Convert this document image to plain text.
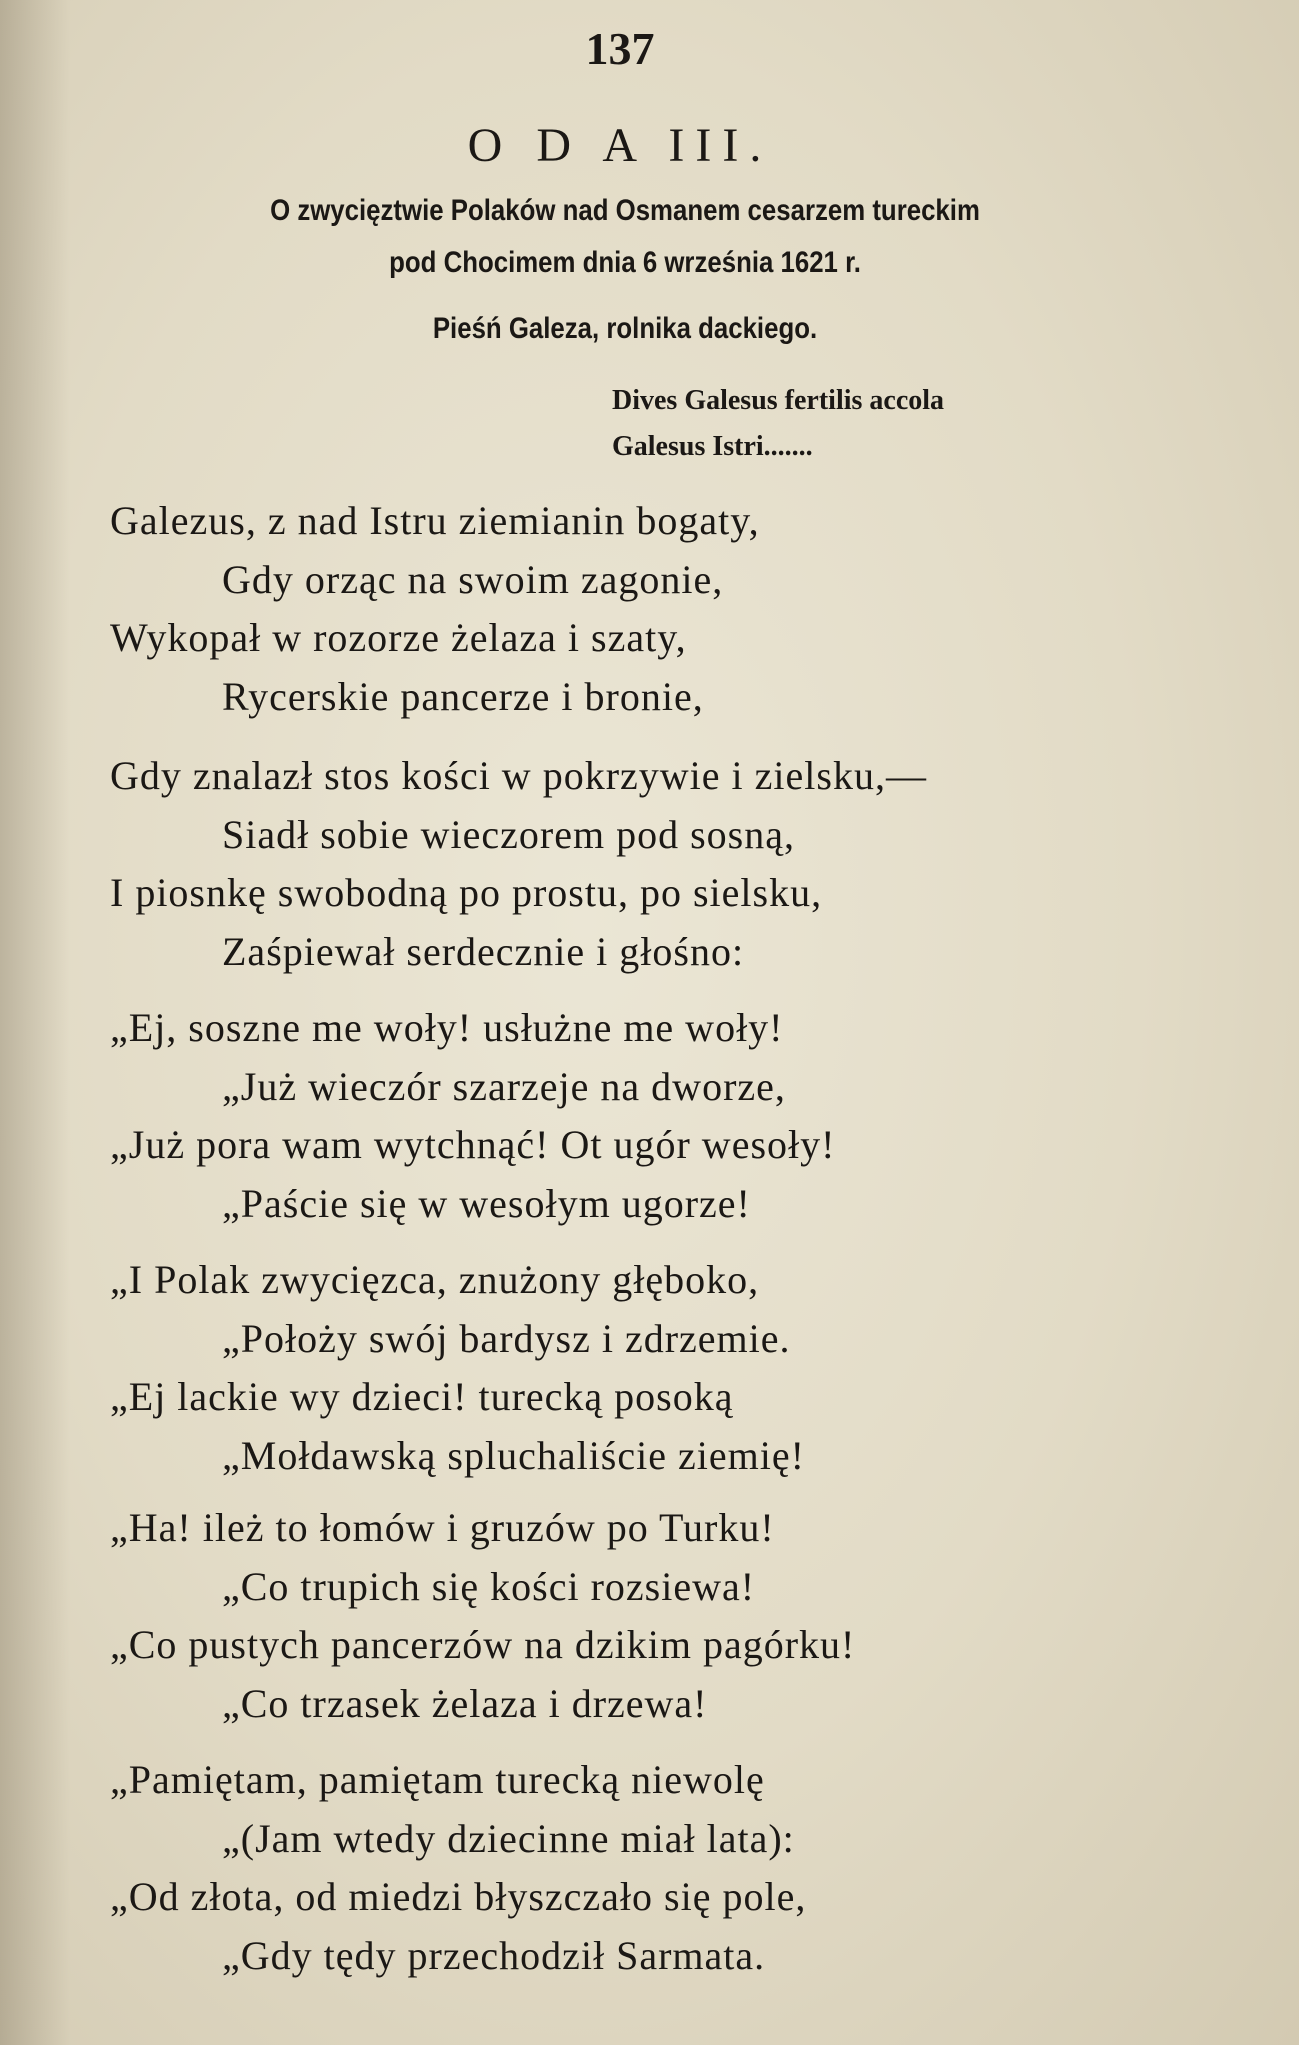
137
O D A III.
O zwycięztwie Polaków nad Osmanem cesarzem tureckim
pod Chocimem dnia 6 września 1621 r.
Pieśń Galeza, rolnika dackiego.
Dives Galesus fertilis accola
Galesus Istri.......
Galezus, z nad Istru ziemianin bogaty,
Gdy orząc na swoim zagonie,
Wykopał w rozorze żelaza i szaty,
Rycerskie pancerze i bronie,
Gdy znalazł stos kości w pokrzywie i zielsku,—
Siadł sobie wieczorem pod sosną,
I piosnkę swobodną po prostu, po sielsku,
Zaśpiewał serdecznie i głośno:
„Ej, soszne me woły! usłużne me woły!
„Już wieczór szarzeje na dworze,
„Już pora wam wytchnąć! Ot ugór wesoły!
„Paście się w wesołym ugorze!
„I Polak zwycięzca, znużony głęboko,
„Położy swój bardysz i zdrzemie.
„Ej lackie wy dzieci! turecką posoką
„Mołdawską spluchaliście ziemię!
„Ha! ileż to łomów i gruzów po Turku!
„Co trupich się kości rozsiewa!
„Co pustych pancerzów na dzikim pagórku!
„Co trzasek żelaza i drzewa!
„Pamiętam, pamiętam turecką niewolę
„(Jam wtedy dziecinne miał lata):
„Od złota, od miedzi błyszczało się pole,
„Gdy tędy przechodził Sarmata.
